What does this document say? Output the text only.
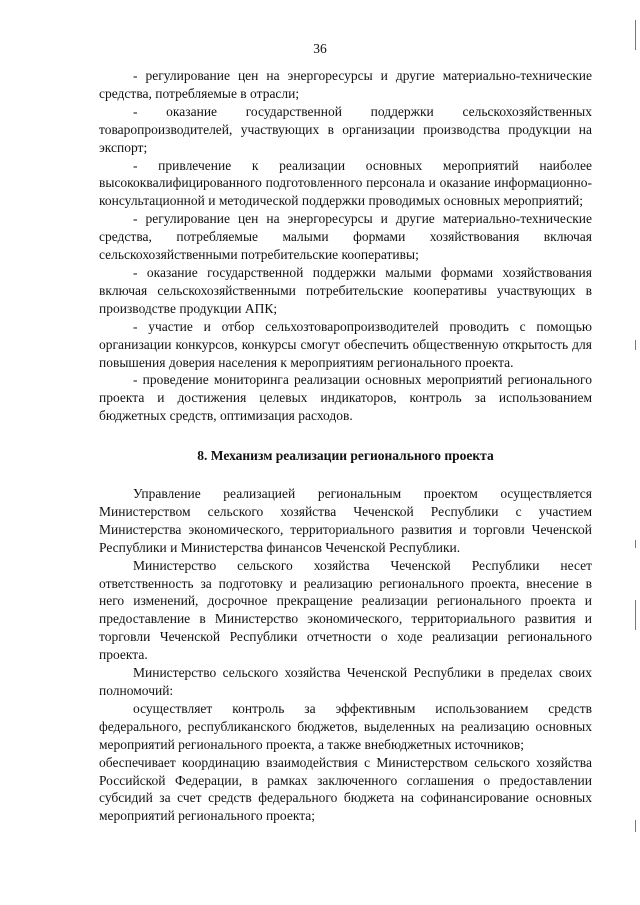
36

- регулирование цен на энергоресурсы и другие материально-технические средства, потребляемые в отрасли;

- оказание государственной поддержки сельскохозяйственных товаропроизводителей, участвующих в организации производства продукции на экспорт;

- привлечение к реализации основных мероприятий наиболее высококвалифицированного подготовленного персонала и оказание информационно-консультационной и методической поддержки проводимых основных мероприятий;

- регулирование цен на энергоресурсы и другие материально-технические средства, потребляемые малыми формами хозяйствования включая сельскохозяйственными потребительские кооперативы;

- оказание государственной поддержки малыми формами хозяйствования включая сельскохозяйственными потребительские кооперативы участвующих в производстве продукции АПК;

- участие и отбор сельхозтоваропроизводителей проводить с помощью организации конкурсов, конкурсы смогут обеспечить общественную открытость для повышения доверия населения к мероприятиям регионального проекта.

- проведение мониторинга реализации основных мероприятий регионального проекта и достижения целевых индикаторов, контроль за использованием бюджетных средств, оптимизация расходов.

8. Механизм реализации регионального проекта

Управление реализацией региональным проектом осуществляется Министерством сельского хозяйства Чеченской Республики с участием Министерства экономического, территориального развития и торговли Чеченской Республики и Министерства финансов Чеченской Республики.

Министерство сельского хозяйства Чеченской Республики несет ответственность за подготовку и реализацию регионального проекта, внесение в него изменений, досрочное прекращение реализации регионального проекта и предоставление в Министерство экономического, территориального развития и торговли Чеченской Республики отчетности о ходе реализации регионального проекта.

Министерство сельского хозяйства Чеченской Республики в пределах своих полномочий:

осуществляет контроль за эффективным использованием средств федерального, республиканского бюджетов, выделенных на реализацию основных мероприятий регионального проекта, а также внебюджетных источников;

обеспечивает координацию взаимодействия с Министерством сельского хозяйства Российской Федерации, в рамках заключенного соглашения о предоставлении субсидий за счет средств федерального бюджета на софинансирование основных мероприятий регионального проекта;
